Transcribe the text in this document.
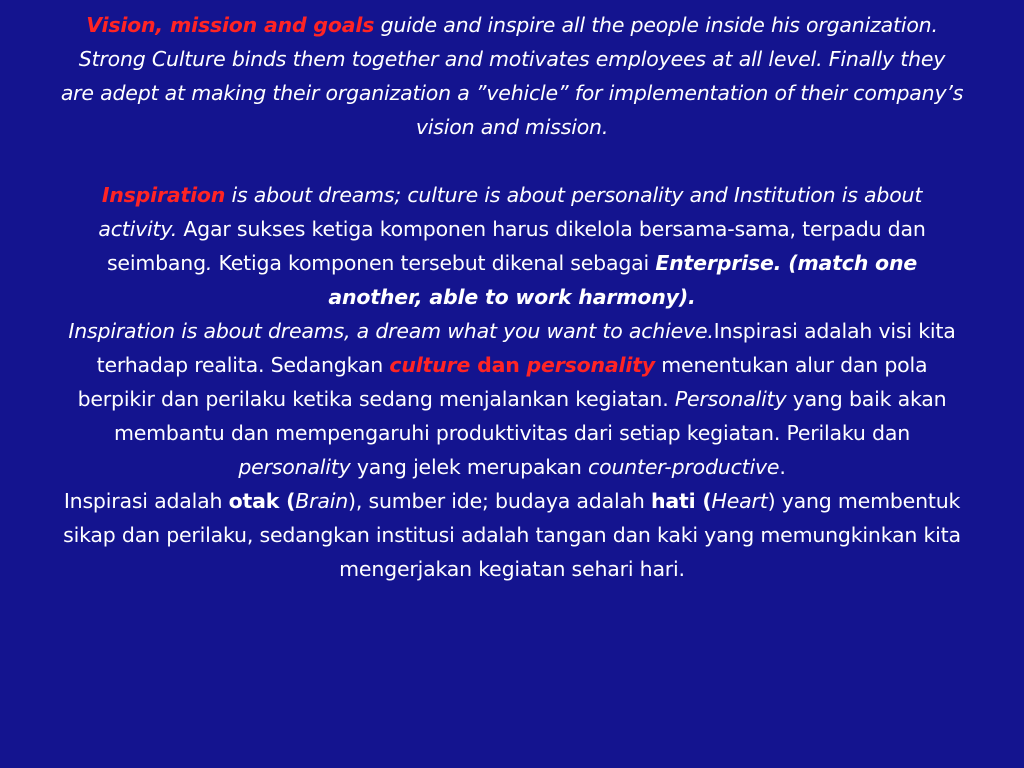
Vision, mission and goals guide and inspire all the people inside his organization. Strong Culture binds them together and motivates employees at all level. Finally they are adept at making their organization a ”vehicle” for implementation of their company’s vision and mission.

Inspiration is about dreams; culture is about personality and Institution is about activity. Agar sukses ketiga komponen harus dikelola bersama-sama, terpadu dan seimbang. Ketiga komponen tersebut dikenal sebagai Enterprise. (match one another, able to work harmony).

Inspiration is about dreams, a dream what you want to achieve.Inspirasi adalah visi kita terhadap realita. Sedangkan culture dan personality menentukan alur dan pola berpikir dan perilaku ketika sedang menjalankan kegiatan. Personality yang baik akan membantu dan mempengaruhi produktivitas dari setiap kegiatan. Perilaku dan personality yang jelek merupakan counter-productive.

Inspirasi adalah otak (Brain), sumber ide; budaya adalah hati (Heart) yang membentuk sikap dan perilaku, sedangkan institusi adalah tangan dan kaki yang memungkinkan kita mengerjakan kegiatan sehari hari.
